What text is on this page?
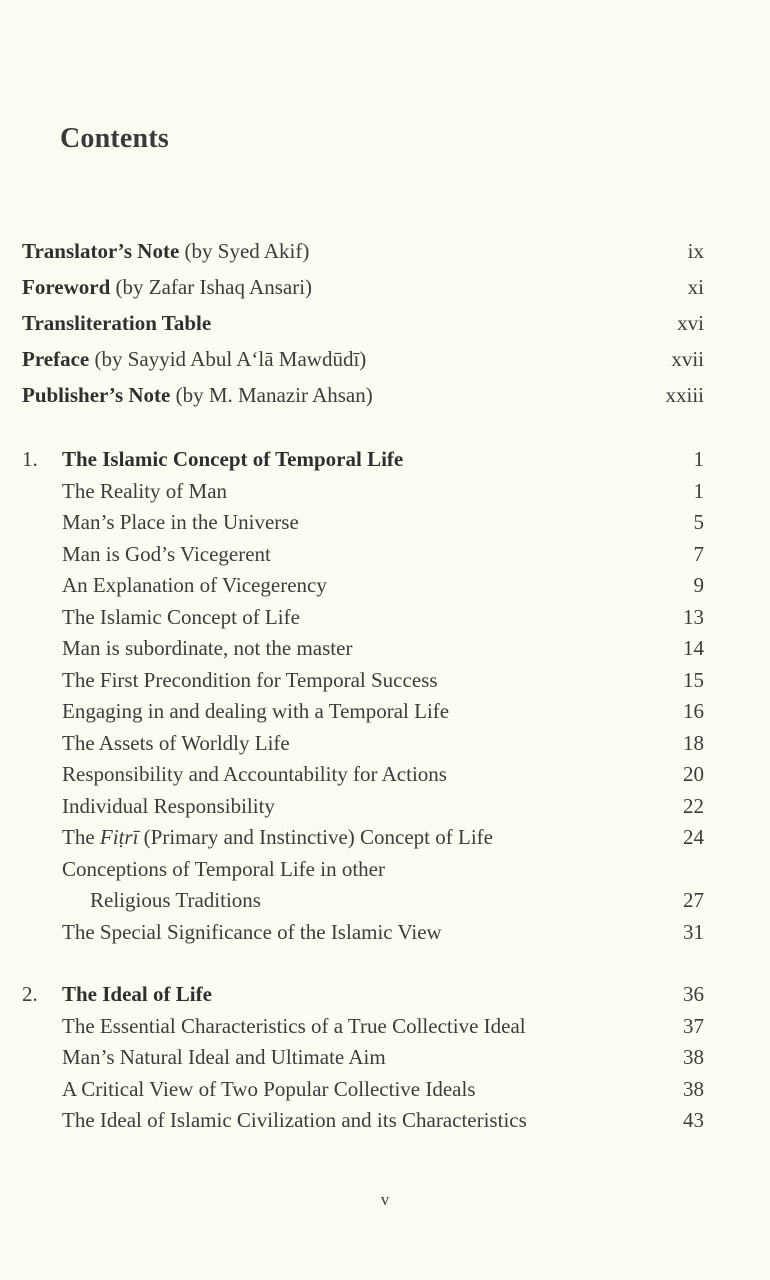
Contents
Translator’s Note (by Syed Akif)	ix
Foreword (by Zafar Ishaq Ansari)	xi
Transliteration Table	xvi
Preface (by Sayyid Abul A‘lā Mawdūdī)	xvii
Publisher’s Note (by M. Manazir Ahsan)	xxiii
1. The Islamic Concept of Temporal Life	1
The Reality of Man	1
Man’s Place in the Universe	5
Man is God’s Vicegerent	7
An Explanation of Vicegerency	9
The Islamic Concept of Life	13
Man is subordinate, not the master	14
The First Precondition for Temporal Success	15
Engaging in and dealing with a Temporal Life	16
The Assets of Worldly Life	18
Responsibility and Accountability for Actions	20
Individual Responsibility	22
The Fiṭrī (Primary and Instinctive) Concept of Life	24
Conceptions of Temporal Life in other
Religious Traditions	27
The Special Significance of the Islamic View	31
2. The Ideal of Life	36
The Essential Characteristics of a True Collective Ideal	37
Man’s Natural Ideal and Ultimate Aim	38
A Critical View of Two Popular Collective Ideals	38
The Ideal of Islamic Civilization and its Characteristics	43
v
